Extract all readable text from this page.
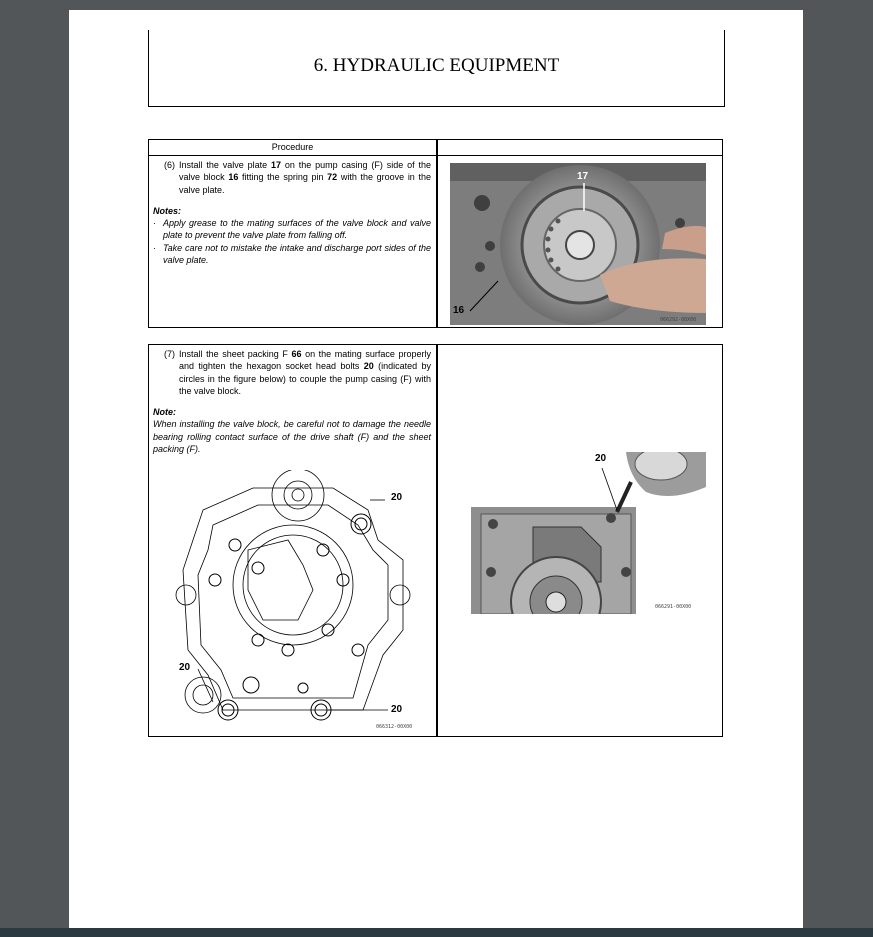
6. HYDRAULIC EQUIPMENT
Procedure
(6) Install the valve plate 17 on the pump casing (F) side of the valve block 16 fitting the spring pin 72 with the groove in the valve plate.
Notes:
· Apply grease to the mating surfaces of the valve block and valve plate to prevent the valve plate from falling off.
· Take care not to mistake the intake and discharge port sides of the valve plate.
17
16
066292-00X00
(7) Install the sheet packing F 66 on the mating surface properly and tighten the hexagon socket head bolts 20 (indicated by circles in the figure below) to couple the pump casing (F) with the valve block.
Note:
When installing the valve block, be careful not to damage the needle bearing rolling contact surface of the drive shaft (F) and the sheet packing (F).
20
20
20
066312-00X00
20
066291-00X00
